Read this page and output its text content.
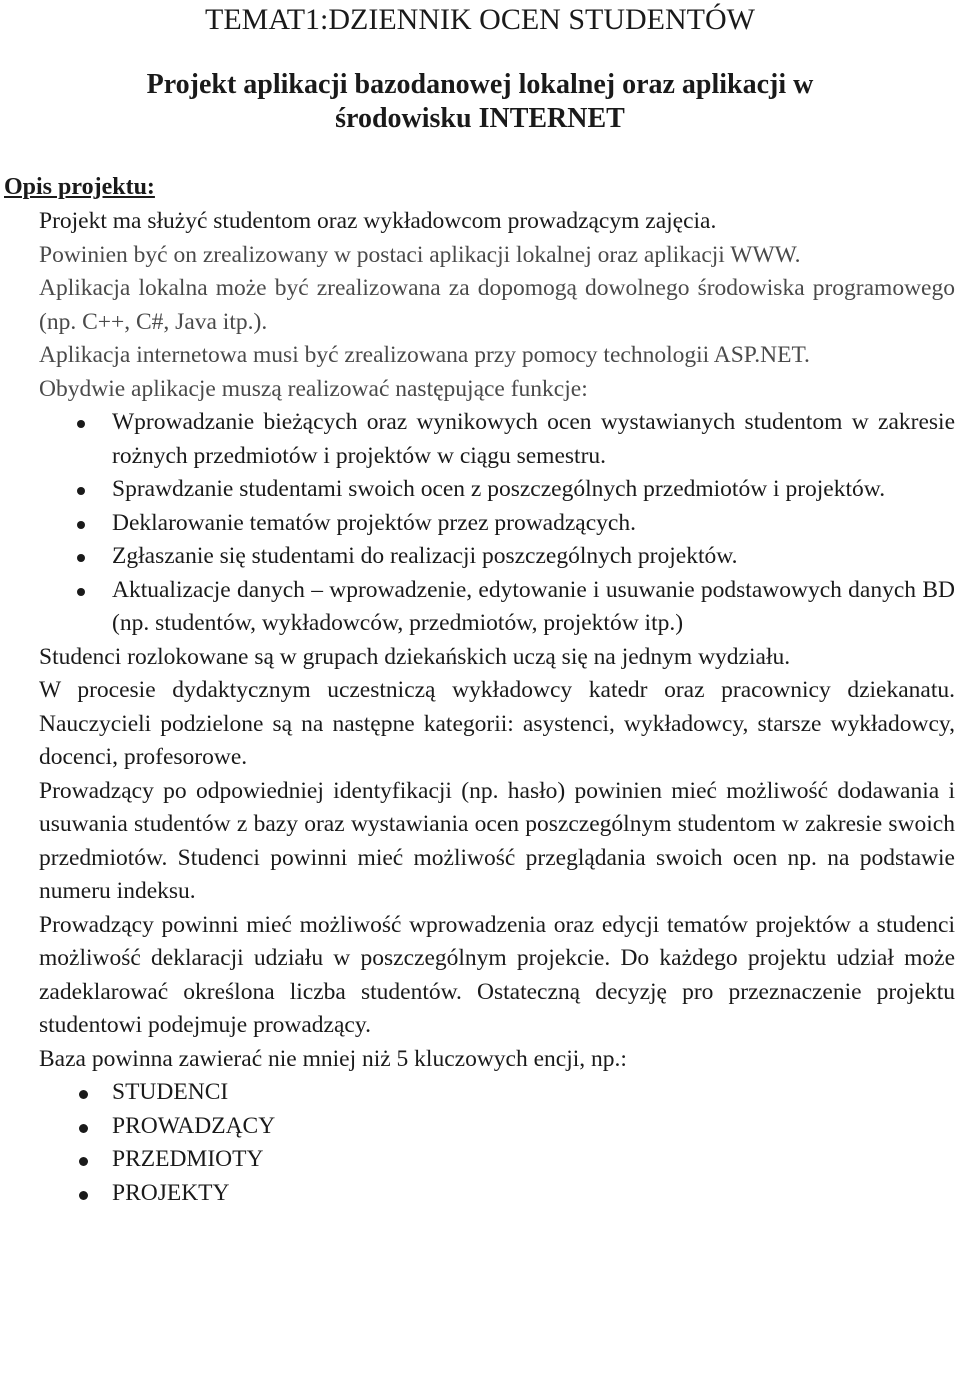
TEMAT1:DZIENNIK OCEN STUDENTÓW
Projekt aplikacji bazodanowej lokalnej oraz aplikacji w
środowisku INTERNET
Opis projektu:

Projekt ma służyć studentom oraz wykładowcom prowadzącym zajęcia.

Powinien być on zrealizowany w postaci aplikacji lokalnej oraz aplikacji WWW.

Aplikacja lokalna może być zrealizowana za dopomogą dowolnego środowiska programowego (np. C++, C#, Java itp.).

Aplikacja internetowa musi być zrealizowana przy pomocy technologii ASP.NET.

Obydwie aplikacje muszą realizować następujące funkcje:

Wprowadzanie bieżących oraz wynikowych ocen wystawianych studentom w zakresie rożnych przedmiotów i projektów w ciągu semestru.
Sprawdzanie studentami swoich ocen z poszczególnych przedmiotów i projektów.
Deklarowanie tematów projektów przez prowadzących.
Zgłaszanie się studentami do realizacji poszczególnych projektów.
Aktualizacje danych – wprowadzenie, edytowanie i usuwanie podstawowych danych BD (np. studentów, wykładowców, przedmiotów, projektów itp.)

Studenci rozlokowane są w grupach dziekańskich uczą się na jednym wydziału.

W procesie dydaktycznym uczestniczą wykładowcy katedr oraz pracownicy dziekanatu. Nauczycieli podzielone są na następne kategorii: asystenci, wykładowcy, starsze wykładowcy, docenci, profesorowe.

Prowadzący po odpowiedniej identyfikacji (np. hasło) powinien mieć możliwość dodawania i usuwania studentów z bazy oraz wystawiania ocen poszczególnym studentom w zakresie swoich przedmiotów. Studenci powinni mieć możliwość przeglądania swoich ocen np. na podstawie numeru indeksu.

Prowadzący powinni mieć możliwość wprowadzenia oraz edycji tematów projektów a studenci możliwość deklaracji udziału w poszczególnym projekcie. Do każdego projektu udział może zadeklarować określona liczba studentów. Ostateczną decyzję pro przeznaczenie projektu studentowi podejmuje prowadzący.

Baza powinna zawierać nie mniej niż 5 kluczowych encji, np.:

STUDENCI
PROWADZĄCY
PRZEDMIOTY
PROJEKTY
